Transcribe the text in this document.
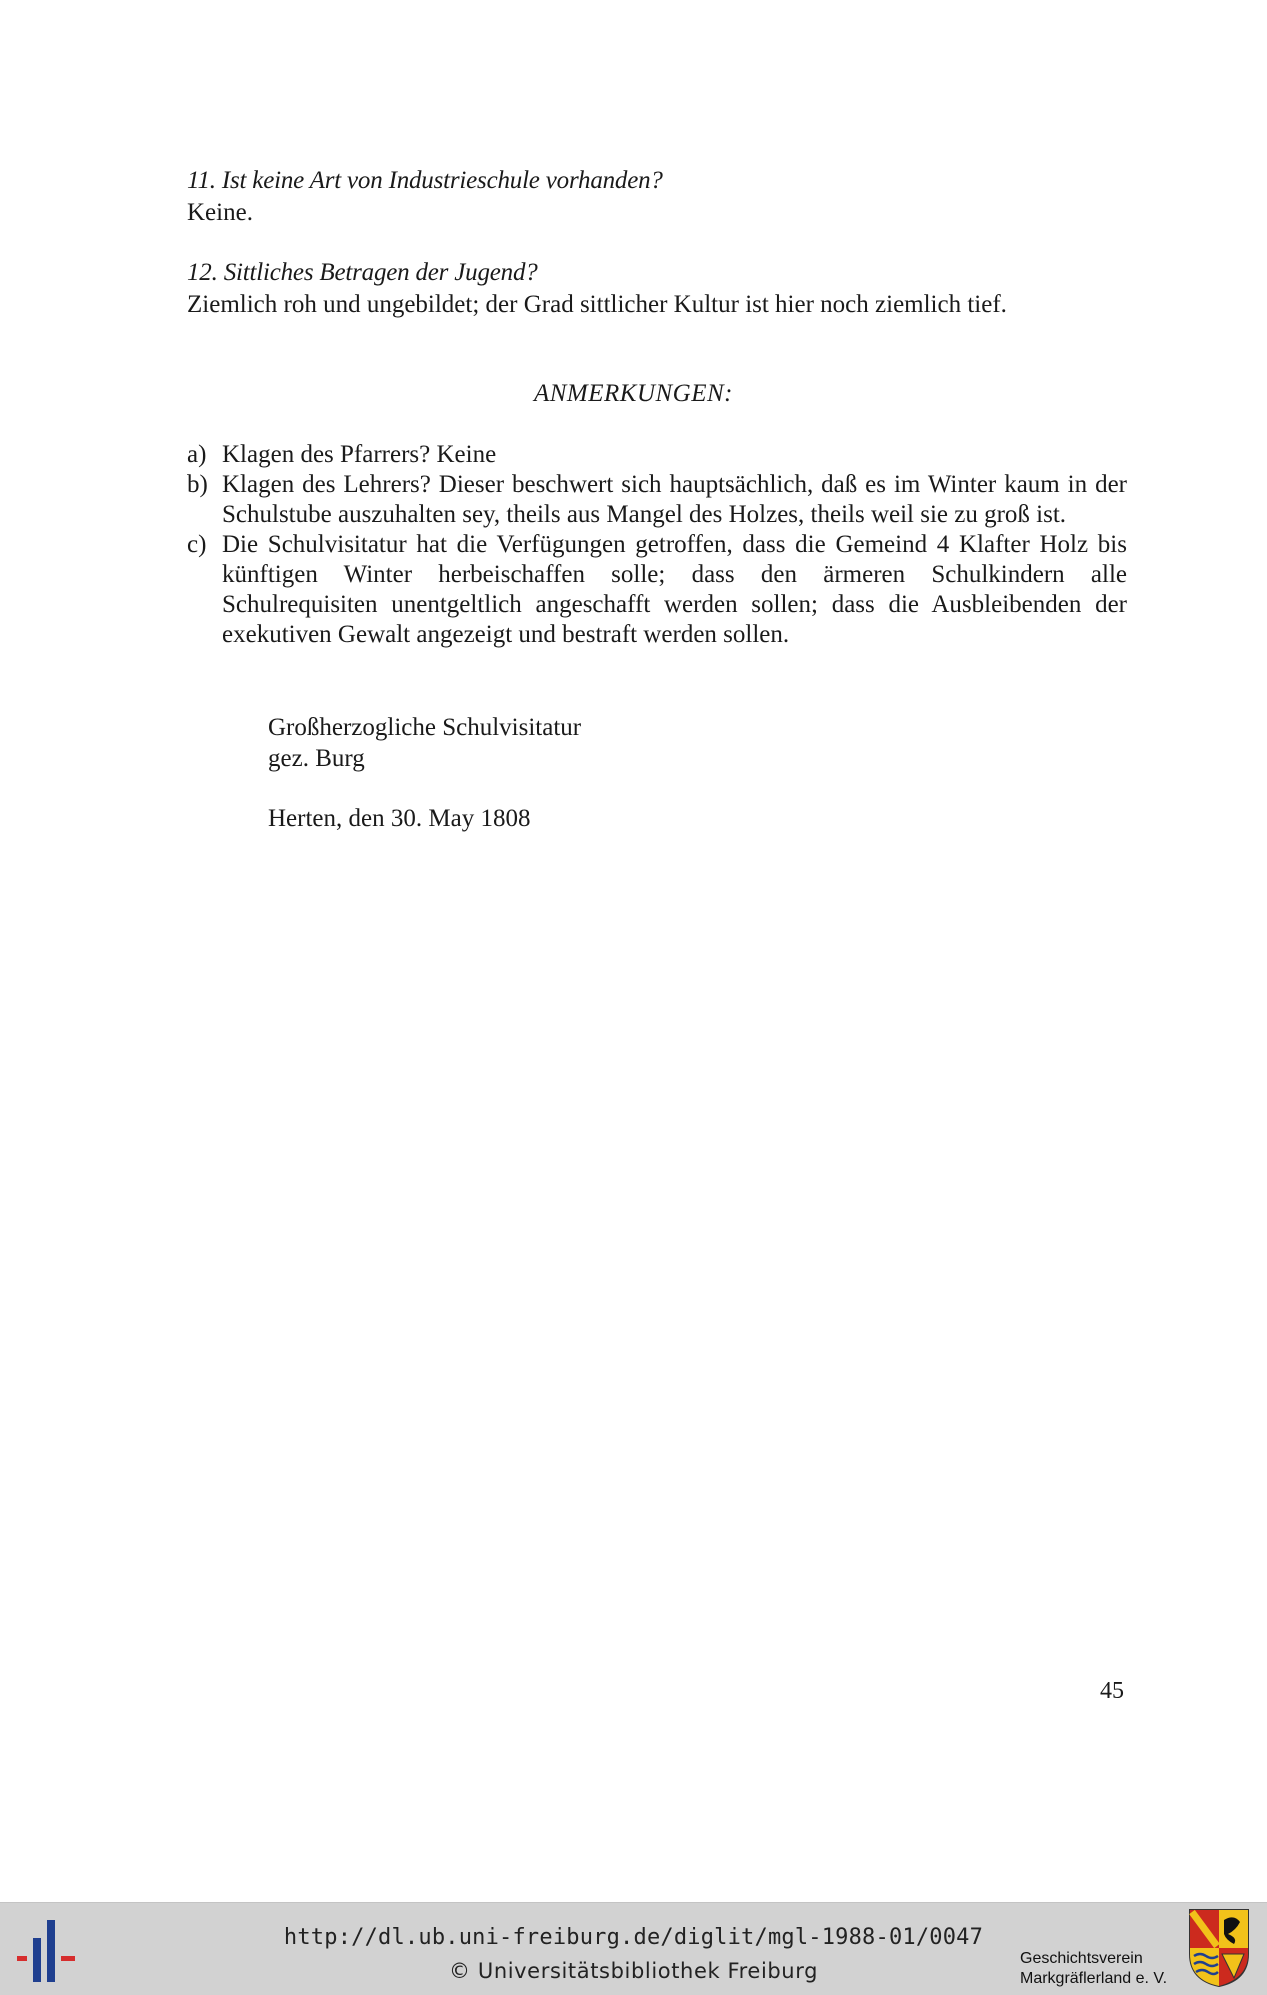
11. Ist keine Art von Industrieschule vorhanden?
Keine.
12. Sittliches Betragen der Jugend?
Ziemlich roh und ungebildet; der Grad sittlicher Kultur ist hier noch ziemlich tief.
ANMERKUNGEN:
a) Klagen des Pfarrers? Keine
b) Klagen des Lehrers? Dieser beschwert sich hauptsächlich, daß es im Winter kaum in der Schulstube auszuhalten sey, theils aus Mangel des Holzes, theils weil sie zu groß ist.
c) Die Schulvisitatur hat die Verfügungen getroffen, dass die Gemeind 4 Klafter Holz bis künftigen Winter herbeischaffen solle; dass den ärmeren Schulkindern alle Schulrequisiten unentgeltlich angeschafft werden sollen; dass die Ausbleibenden der exekutiven Gewalt angezeigt und bestraft werden sollen.
Großherzogliche Schulvisitatur
gez. Burg
Herten, den 30. May 1808
45
http://dl.ub.uni-freiburg.de/diglit/mgl-1988-01/0047
© Universitätsbibliothek Freiburg
Geschichtsverein
Markgräflerland e. V.
